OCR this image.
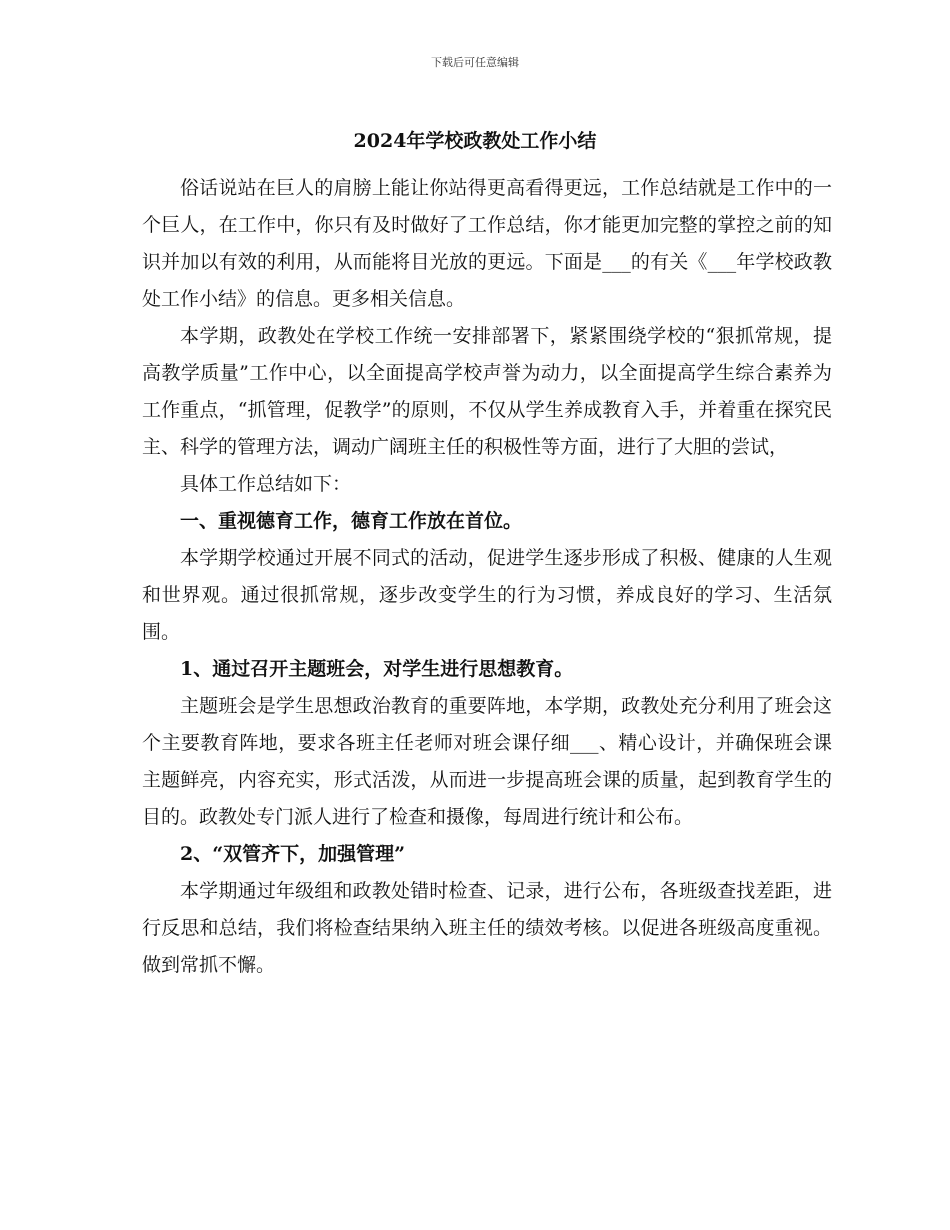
下载后可任意编辑
2024年学校政教处工作小结

俗话说站在巨人的肩膀上能让你站得更高看得更远，工作总结就是工作中的一个巨人，在工作中，你只有及时做好了工作总结，你才能更加完整的掌控之前的知识并加以有效的利用，从而能将目光放的更远。下面是___的有关《___年学校政教处工作小结》的信息。更多相关信息。

本学期，政教处在学校工作统一安排部署下，紧紧围绕学校的“狠抓常规，提高教学质量”工作中心，以全面提高学校声誉为动力，以全面提高学生综合素养为工作重点，“抓管理，促教学”的原则，不仅从学生养成教育入手，并着重在探究民主、科学的管理方法，调动广阔班主任的积极性等方面，进行了大胆的尝试，

具体工作总结如下：

一、重视德育工作，德育工作放在首位。

本学期学校通过开展不同式的活动，促进学生逐步形成了积极、健康的人生观和世界观。通过很抓常规，逐步改变学生的行为习惯，养成良好的学习、生活氛围。

1、通过召开主题班会，对学生进行思想教育。

主题班会是学生思想政治教育的重要阵地，本学期，政教处充分利用了班会这个主要教育阵地，要求各班主任老师对班会课仔细___、精心设计，并确保班会课主题鲜亮，内容充实，形式活泼，从而进一步提高班会课的质量，起到教育学生的目的。政教处专门派人进行了检查和摄像，每周进行统计和公布。

2、“双管齐下，加强管理”

本学期通过年级组和政教处错时检查、记录，进行公布，各班级查找差距，进行反思和总结，我们将检查结果纳入班主任的绩效考核。以促进各班级高度重视。做到常抓不懈。
